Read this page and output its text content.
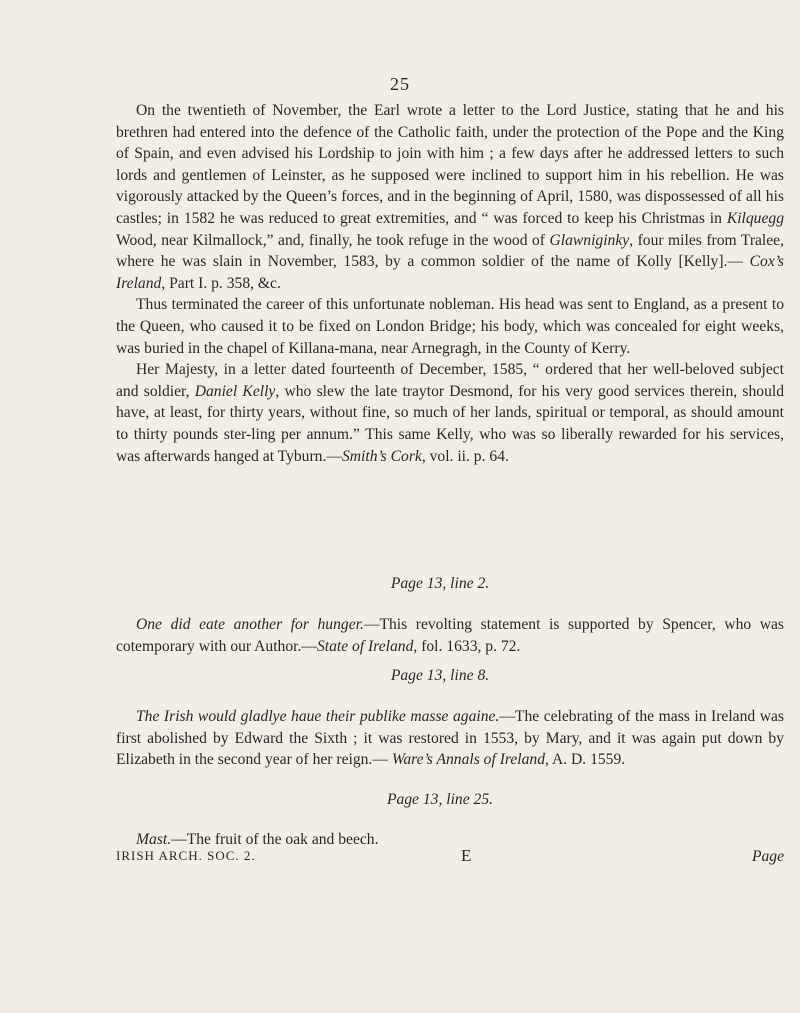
25

On the twentieth of November, the Earl wrote a letter to the Lord Justice, stating that he and his brethren had entered into the defence of the Catholic faith, under the protection of the Pope and the King of Spain, and even advised his Lordship to join with him ; a few days after he addressed letters to such lords and gentlemen of Leinster, as he supposed were inclined to support him in his rebellion. He was vigorously attacked by the Queen’s forces, and in the beginning of April, 1580, was dispossessed of all his castles; in 1582 he was reduced to great extremities, and “ was forced to keep his Christmas in Kilquegg Wood, near Kilmallock,” and, finally, he took refuge in the wood of Glawniginky, four miles from Tralee, where he was slain in November, 1583, by a common soldier of the name of Kolly [Kelly].— Cox’s Ireland, Part I. p. 358, &c.

Thus terminated the career of this unfortunate nobleman. His head was sent to England, as a present to the Queen, who caused it to be fixed on London Bridge; his body, which was concealed for eight weeks, was buried in the chapel of Killana-mana, near Arnegragh, in the County of Kerry.

Her Majesty, in a letter dated fourteenth of December, 1585, “ ordered that her well-beloved subject and soldier, Daniel Kelly, who slew the late traytor Desmond, for his very good services therein, should have, at least, for thirty years, without fine, so much of her lands, spiritual or temporal, as should amount to thirty pounds ster-ling per annum.” This same Kelly, who was so liberally rewarded for his services, was afterwards hanged at Tyburn.—Smith’s Cork, vol. ii. p. 64.

Page 13, line 2.

One did eate another for hunger.—This revolting statement is supported by Spencer, who was cotemporary with our Author.—State of Ireland, fol. 1633, p. 72.

Page 13, line 8.

The Irish would gladlye haue their publike masse againe.—The celebrating of the mass in Ireland was first abolished by Edward the Sixth ; it was restored in 1553, by Mary, and it was again put down by Elizabeth in the second year of her reign.— Ware’s Annals of Ireland, A. D. 1559.

Page 13, line 25.

Mast.—The fruit of the oak and beech.

IRISH ARCH. SOC. 2.	E	Page
